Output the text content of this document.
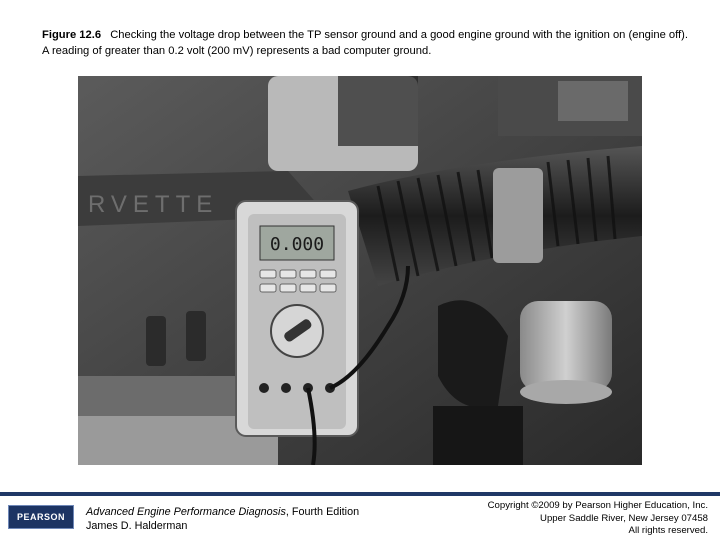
Figure 12.6 Checking the voltage drop between the TP sensor ground and a good engine ground with the ignition on (engine off). A reading of greater than 0.2 volt (200 mV) represents a bad computer ground.
RVETTE
0.000
PEARSON	Advanced Engine Performance Diagnosis, Fourth Edition
James D. Halderman
Copyright ©2009 by Pearson Higher Education, Inc.
Upper Saddle River, New Jersey 07458
All rights reserved.
